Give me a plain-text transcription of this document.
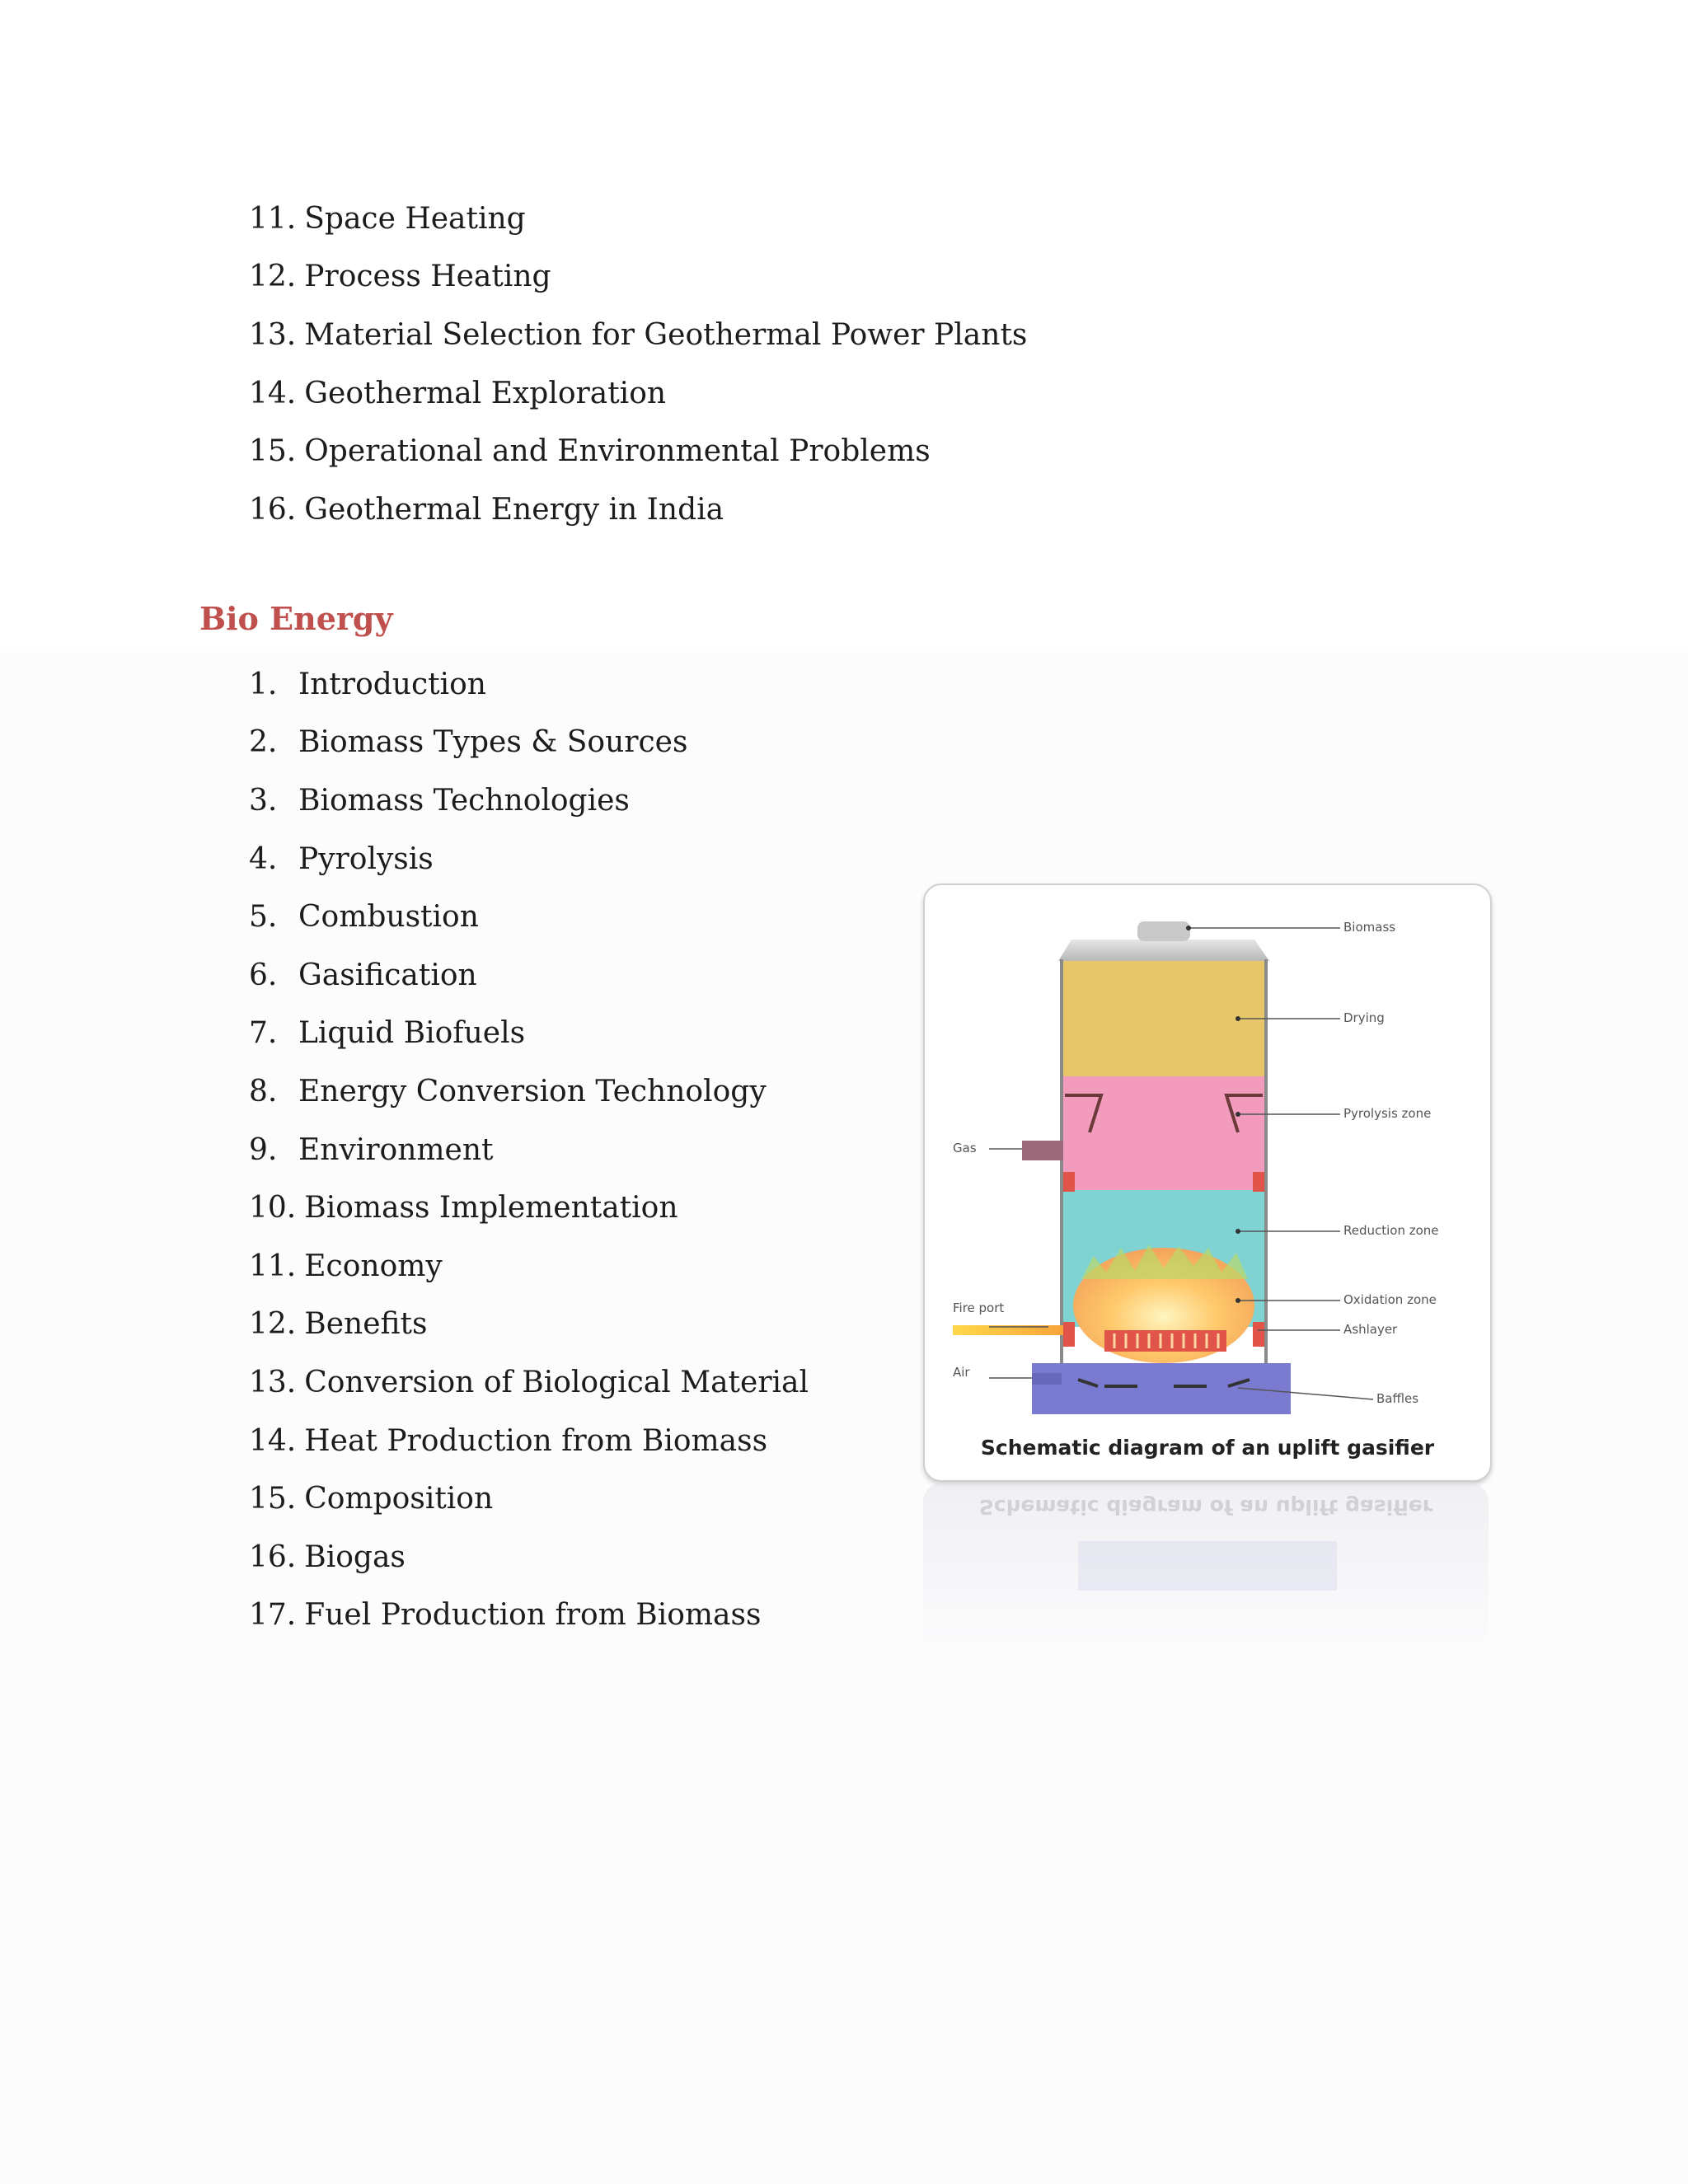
11. Space Heating
12. Process Heating
13. Material Selection for Geothermal Power Plants
14. Geothermal Exploration
15. Operational and Environmental Problems
16. Geothermal Energy in India
Bio Energy
1. Introduction
2. Biomass Types & Sources
3. Biomass Technologies
4. Pyrolysis
5. Combustion
6. Gasification
7. Liquid Biofuels
8. Energy Conversion Technology
9. Environment
10. Biomass Implementation
11. Economy
12. Benefits
13. Conversion of Biological Material
14. Heat Production from Biomass
15. Composition
16. Biogas
17. Fuel Production from Biomass
Biomass
Drying
Pyrolysis zone
Reduction zone
Oxidation zone
Ashlayer
Baffles
Gas
Fire port
Air
Schematic diagram of an uplift gasifier
Schematic diagram of an uplift gasifier
